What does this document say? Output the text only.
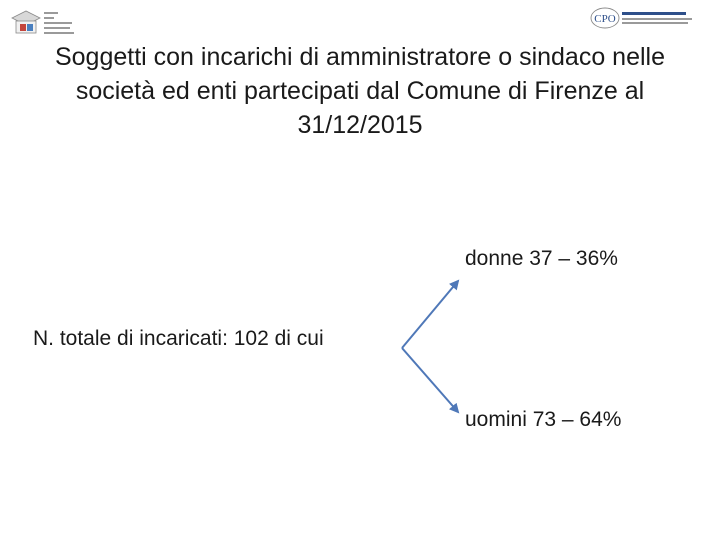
CPO
Soggetti con incarichi di amministratore o sindaco nelle società ed enti partecipati dal Comune di Firenze al 31/12/2015
donne 37 – 36%
N. totale di incaricati: 102 di cui
uomini 73 – 64%
